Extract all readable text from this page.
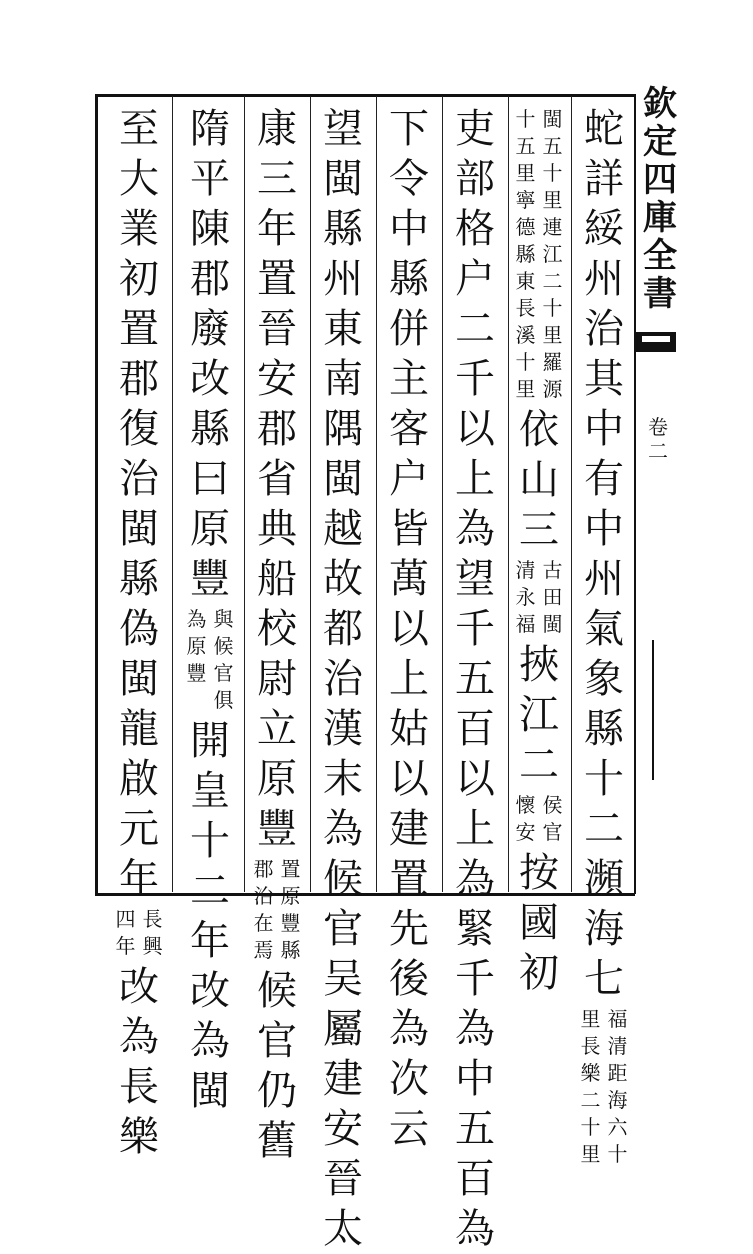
欽
定
四
庫
全
書
卷二
蛇
詳
綏
州
治
其
中
有
中
州
氣
象
縣
十
二
瀕
海
七
福
清
距
海
六
十
里
長
樂
二
十
里
閩
五
十
里
連
江
二
十
里
羅
源
十
五
里
寧
德
縣
東
長
溪
十
里
依
山
三
古
田
閩
清
永
福
挾
江
二
侯
官
懷
安
按
國
初
吏
部
格
户
二
千
以
上
為
望
千
五
百
以
上
為
緊
千
為
中
五
百
為
下
令
中
縣
併
主
客
户
皆
萬
以
上
姑
以
建
置
先
後
為
次
云
望
閩
縣
州
東
南
隅
閩
越
故
都
治
漢
末
為
候
官
吴
屬
建
安
晉
太
康
三
年
置
晉
安
郡
省
典
船
校
尉
立
原
豐
置
原
豐
縣
郡
治
在
焉
候
官
仍
舊
隋
平
陳
郡
廢
改
縣
曰
原
豐
與
候
官
俱
為
原
豐
開
皇
十
二
年
改
為
閩
至
大
業
初
置
郡
復
治
閩
縣
偽
閩
龍
啟
元
年
長
興
四
年
改
為
長
樂
